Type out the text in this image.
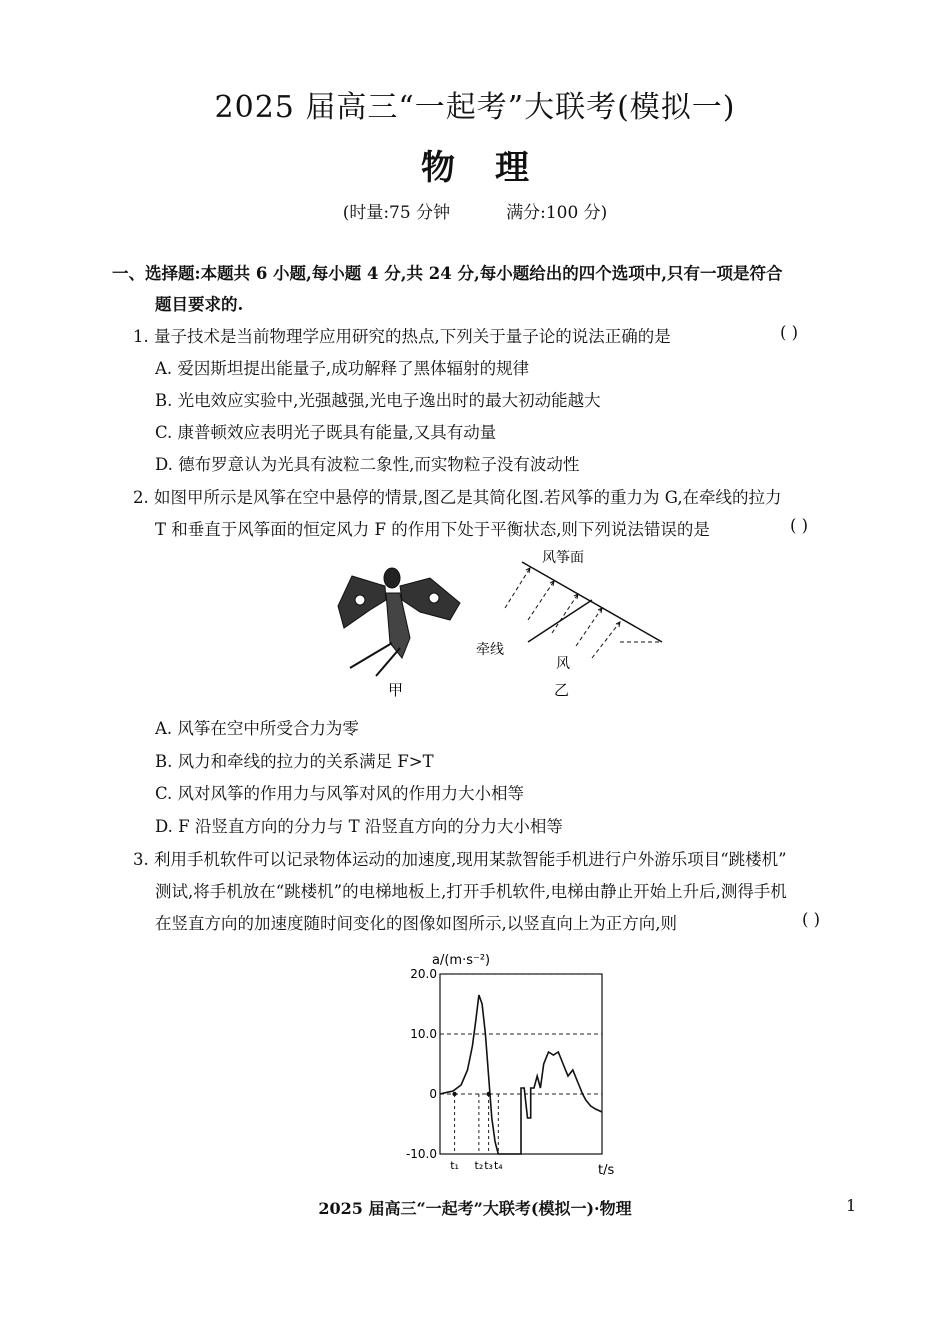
2025 届高三“一起考”大联考(模拟一)
物理
(时量:75 分钟	满分:100 分)
一、选择题:本题共 6 小题,每小题 4 分,共 24 分,每小题给出的四个选项中,只有一项是符合
题目要求的.
1. 量子技术是当前物理学应用研究的热点,下列关于量子论的说法正确的是	( )
A. 爱因斯坦提出能量子,成功解释了黑体辐射的规律
B. 光电效应实验中,光强越强,光电子逸出时的最大初动能越大
C. 康普顿效应表明光子既具有能量,又具有动量
D. 德布罗意认为光具有波粒二象性,而实物粒子没有波动性
2. 如图甲所示是风筝在空中悬停的情景,图乙是其简化图.若风筝的重力为 G,在牵线的拉力
T 和垂直于风筝面的恒定风力 F 的作用下处于平衡状态,则下列说法错误的是	( )
甲
风筝面
牵线
风
乙
A. 风筝在空中所受合力为零
B. 风力和牵线的拉力的关系满足 F>T
C. 风对风筝的作用力与风筝对风的作用力大小相等
D. F 沿竖直方向的分力与 T 沿竖直方向的分力大小相等
3. 利用手机软件可以记录物体运动的加速度,现用某款智能手机进行户外游乐项目“跳楼机”
测试,将手机放在“跳楼机”的电梯地板上,打开手机软件,电梯由静止开始上升后,测得手机
在竖直方向的加速度随时间变化的图像如图所示,以竖直向上为正方向,则	( )
a/(m·s⁻²)
t/s
20.0
10.0
0
-10.0
t₁ t₂ t₃ t₄
2025 届高三“一起考”大联考(模拟一)·物理	1
